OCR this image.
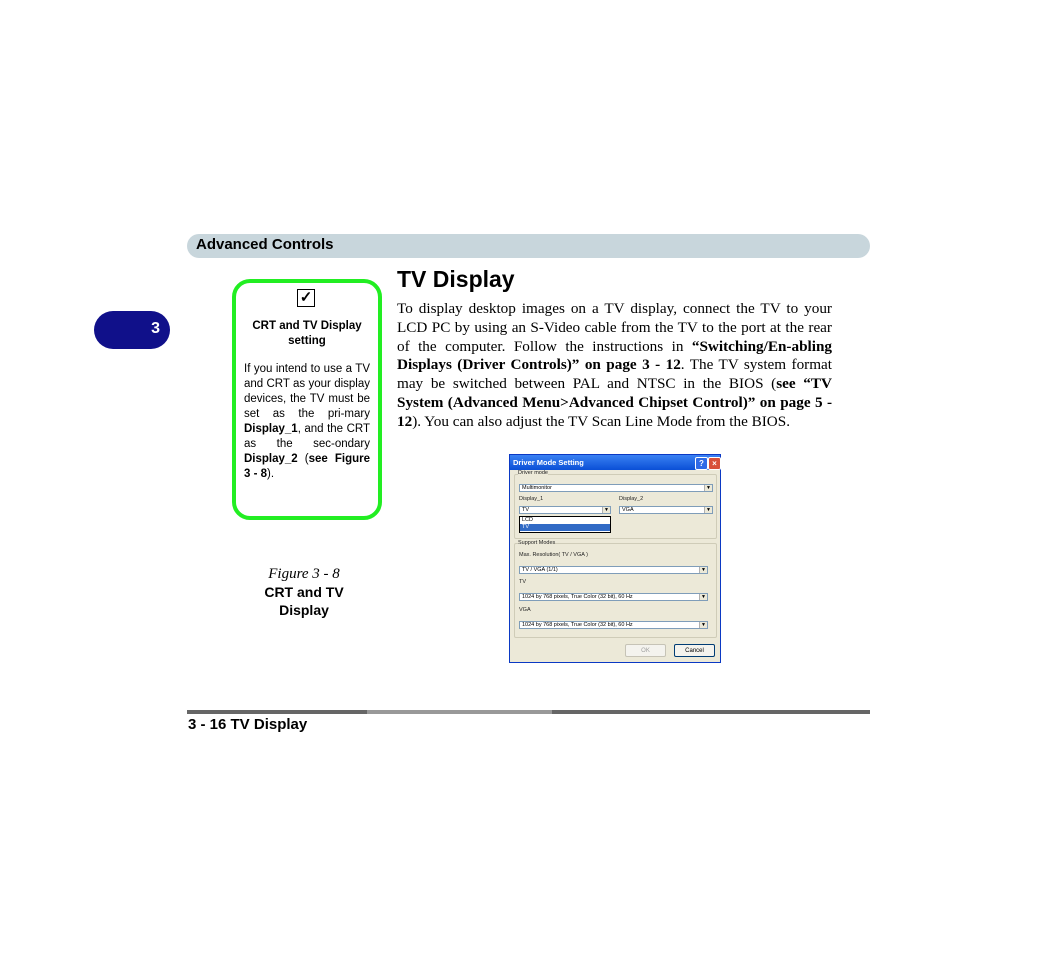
Advanced Controls
3
✓
CRT and TV Display setting
If you intend to use a TV and CRT as your display devices, the TV must be set as the pri-mary Display_1, and the CRT as the sec-ondary Display_2 (see Figure 3 - 8).
Figure 3 - 8
CRT and TV Display
TV Display
To display desktop images on a TV display, connect the TV to your LCD PC by using an S-Video cable from the TV to the port at the rear of the computer. Follow the instructions in “Switching/En-abling Displays (Driver Controls)” on page 3 - 12. The TV system format may be switched between PAL and NTSC in the BIOS (see “TV System (Advanced Menu>Advanced Chipset Control)” on page 5 - 12). You can also adjust the TV Scan Line Mode from the BIOS.
Driver Mode Setting	?	×
Driver mode
Multimonitor	▼
Display_1
TV	▼
LCD
TV
Display_2
VGA	▼
Support Modes
Max. Resolution( TV / VGA )
TV / VGA (1/1)	▼
TV
1024 by 768 pixels, True Color (32 bit), 60 Hz	▼
VGA
1024 by 768 pixels, True Color (32 bit), 60 Hz	▼
OK	Cancel
3 - 16 TV Display
